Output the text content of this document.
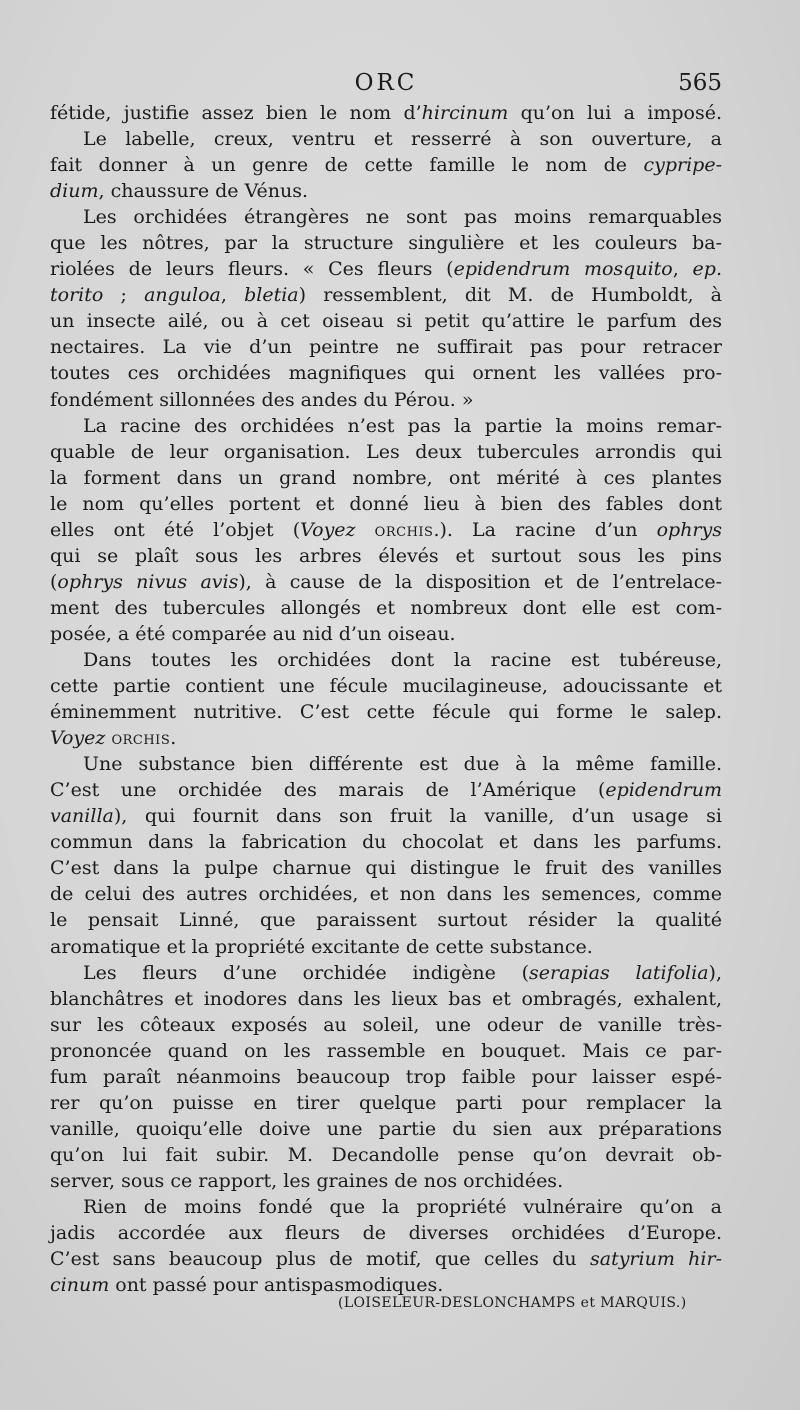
ORC	565
fétide, justifie assez bien le nom d’hircinum qu’on lui a imposé.
Le labelle, creux, ventru et resserré à son ouverture, a
fait donner à un genre de cette famille le nom de cypripe-
dium, chaussure de Vénus.
Les orchidées étrangères ne sont pas moins remarquables
que les nôtres, par la structure singulière et les couleurs ba-
riolées de leurs fleurs. « Ces fleurs (epidendrum mosquito, ep.
torito ; anguloa, bletia) ressemblent, dit M. de Humboldt, à
un insecte ailé, ou à cet oiseau si petit qu’attire le parfum des
nectaires. La vie d’un peintre ne suffirait pas pour retracer
toutes ces orchidées magnifiques qui ornent les vallées pro-
fondément sillonnées des andes du Pérou. »
La racine des orchidées n’est pas la partie la moins remar-
quable de leur organisation. Les deux tubercules arrondis qui
la forment dans un grand nombre, ont mérité à ces plantes
le nom qu’elles portent et donné lieu à bien des fables dont
elles ont été l’objet (Voyez ORCHIS.). La racine d’un ophrys
qui se plaît sous les arbres élevés et surtout sous les pins
(ophrys nivus avis), à cause de la disposition et de l’entrelace-
ment des tubercules allongés et nombreux dont elle est com-
posée, a été comparée au nid d’un oiseau.
Dans toutes les orchidées dont la racine est tubéreuse,
cette partie contient une fécule mucilagineuse, adoucissante et
éminemment nutritive. C’est cette fécule qui forme le salep.
Voyez ORCHIS.
Une substance bien différente est due à la même famille.
C’est une orchidée des marais de l’Amérique (epidendrum
vanilla), qui fournit dans son fruit la vanille, d’un usage si
commun dans la fabrication du chocolat et dans les parfums.
C’est dans la pulpe charnue qui distingue le fruit des vanilles
de celui des autres orchidées, et non dans les semences, comme
le pensait Linné, que paraissent surtout résider la qualité
aromatique et la propriété excitante de cette substance.
Les fleurs d’une orchidée indigène (serapias latifolia),
blanchâtres et inodores dans les lieux bas et ombragés, exhalent,
sur les côteaux exposés au soleil, une odeur de vanille très-
prononcée quand on les rassemble en bouquet. Mais ce par-
fum paraît néanmoins beaucoup trop faible pour laisser espé-
rer qu’on puisse en tirer quelque parti pour remplacer la
vanille, quoiqu’elle doive une partie du sien aux préparations
qu’on lui fait subir. M. Decandolle pense qu’on devrait ob-
server, sous ce rapport, les graines de nos orchidées.
Rien de moins fondé que la propriété vulnéraire qu’on a
jadis accordée aux fleurs de diverses orchidées d’Europe.
C’est sans beaucoup plus de motif, que celles du satyrium hir-
cinum ont passé pour antispasmodiques.
(LOISELEUR-DESLONCHAMPS et MARQUIS.)
